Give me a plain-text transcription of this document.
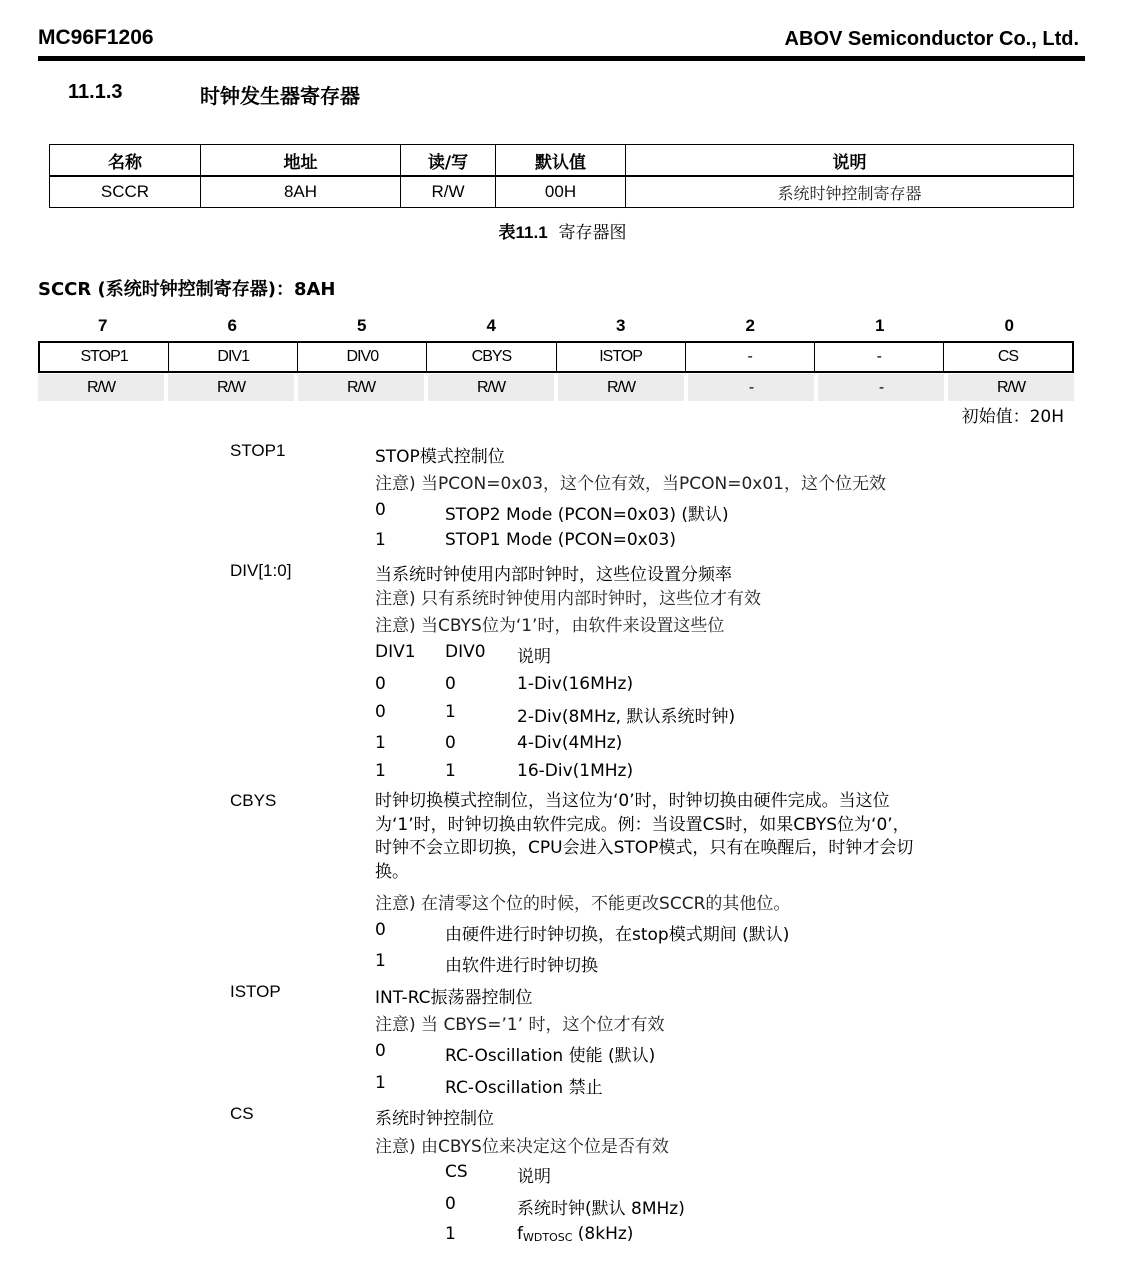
MC96F1206	ABOV Semiconductor Co., Ltd.
11.1.3	时钟发生器寄存器
名称	地址	读/写	默认值	说明
SCCR	8AH	R/W	00H	系统时钟控制寄存器
表11.1 寄存器图
SCCR (系统时钟控制寄存器)：8AH
7	6	5	4	3	2	1	0
STOP1	DIV1	DIV0	CBYS	ISTOP	-	-	CS
R/W	R/W	R/W	R/W	R/W	-	-	R/W
初始值：20H
STOP1	STOP模式控制位
注意) 当PCON=0x03，这个位有效，当PCON=0x01，这个位无效
0	STOP2 Mode (PCON=0x03) (默认)
1	STOP1 Mode (PCON=0x03)
DIV[1:0]	当系统时钟使用内部时钟时，这些位设置分频率
注意) 只有系统时钟使用内部时钟时，这些位才有效
注意) 当CBYS位为‘1’时，由软件来设置这些位
DIV1 DIV0 说明
0	0	1-Div(16MHz)
0	1	2-Div(8MHz, 默认系统时钟)
1	0	4-Div(4MHz)
1	1	16-Div(1MHz)
CBYS	时钟切换模式控制位，当这位为‘0’时，时钟切换由硬件完成。当这位为‘1’时，时钟切换由软件完成。例：当设置CS时，如果CBYS位为‘0’，时钟不会立即切换，CPU会进入STOP模式，只有在唤醒后，时钟才会切换。
注意) 在清零这个位的时候，不能更改SCCR的其他位。
0	由硬件进行时钟切换，在stop模式期间 (默认)
1	由软件进行时钟切换
ISTOP	INT-RC振荡器控制位
注意) 当 CBYS=’1’ 时，这个位才有效
0	RC-Oscillation 使能 (默认)
1	RC-Oscillation 禁止
CS	系统时钟控制位
注意) 由CBYS位来决定这个位是否有效
CS	说明
0	系统时钟(默认 8MHz)
1	$f_{WDTOSC}$ (8kHz)
